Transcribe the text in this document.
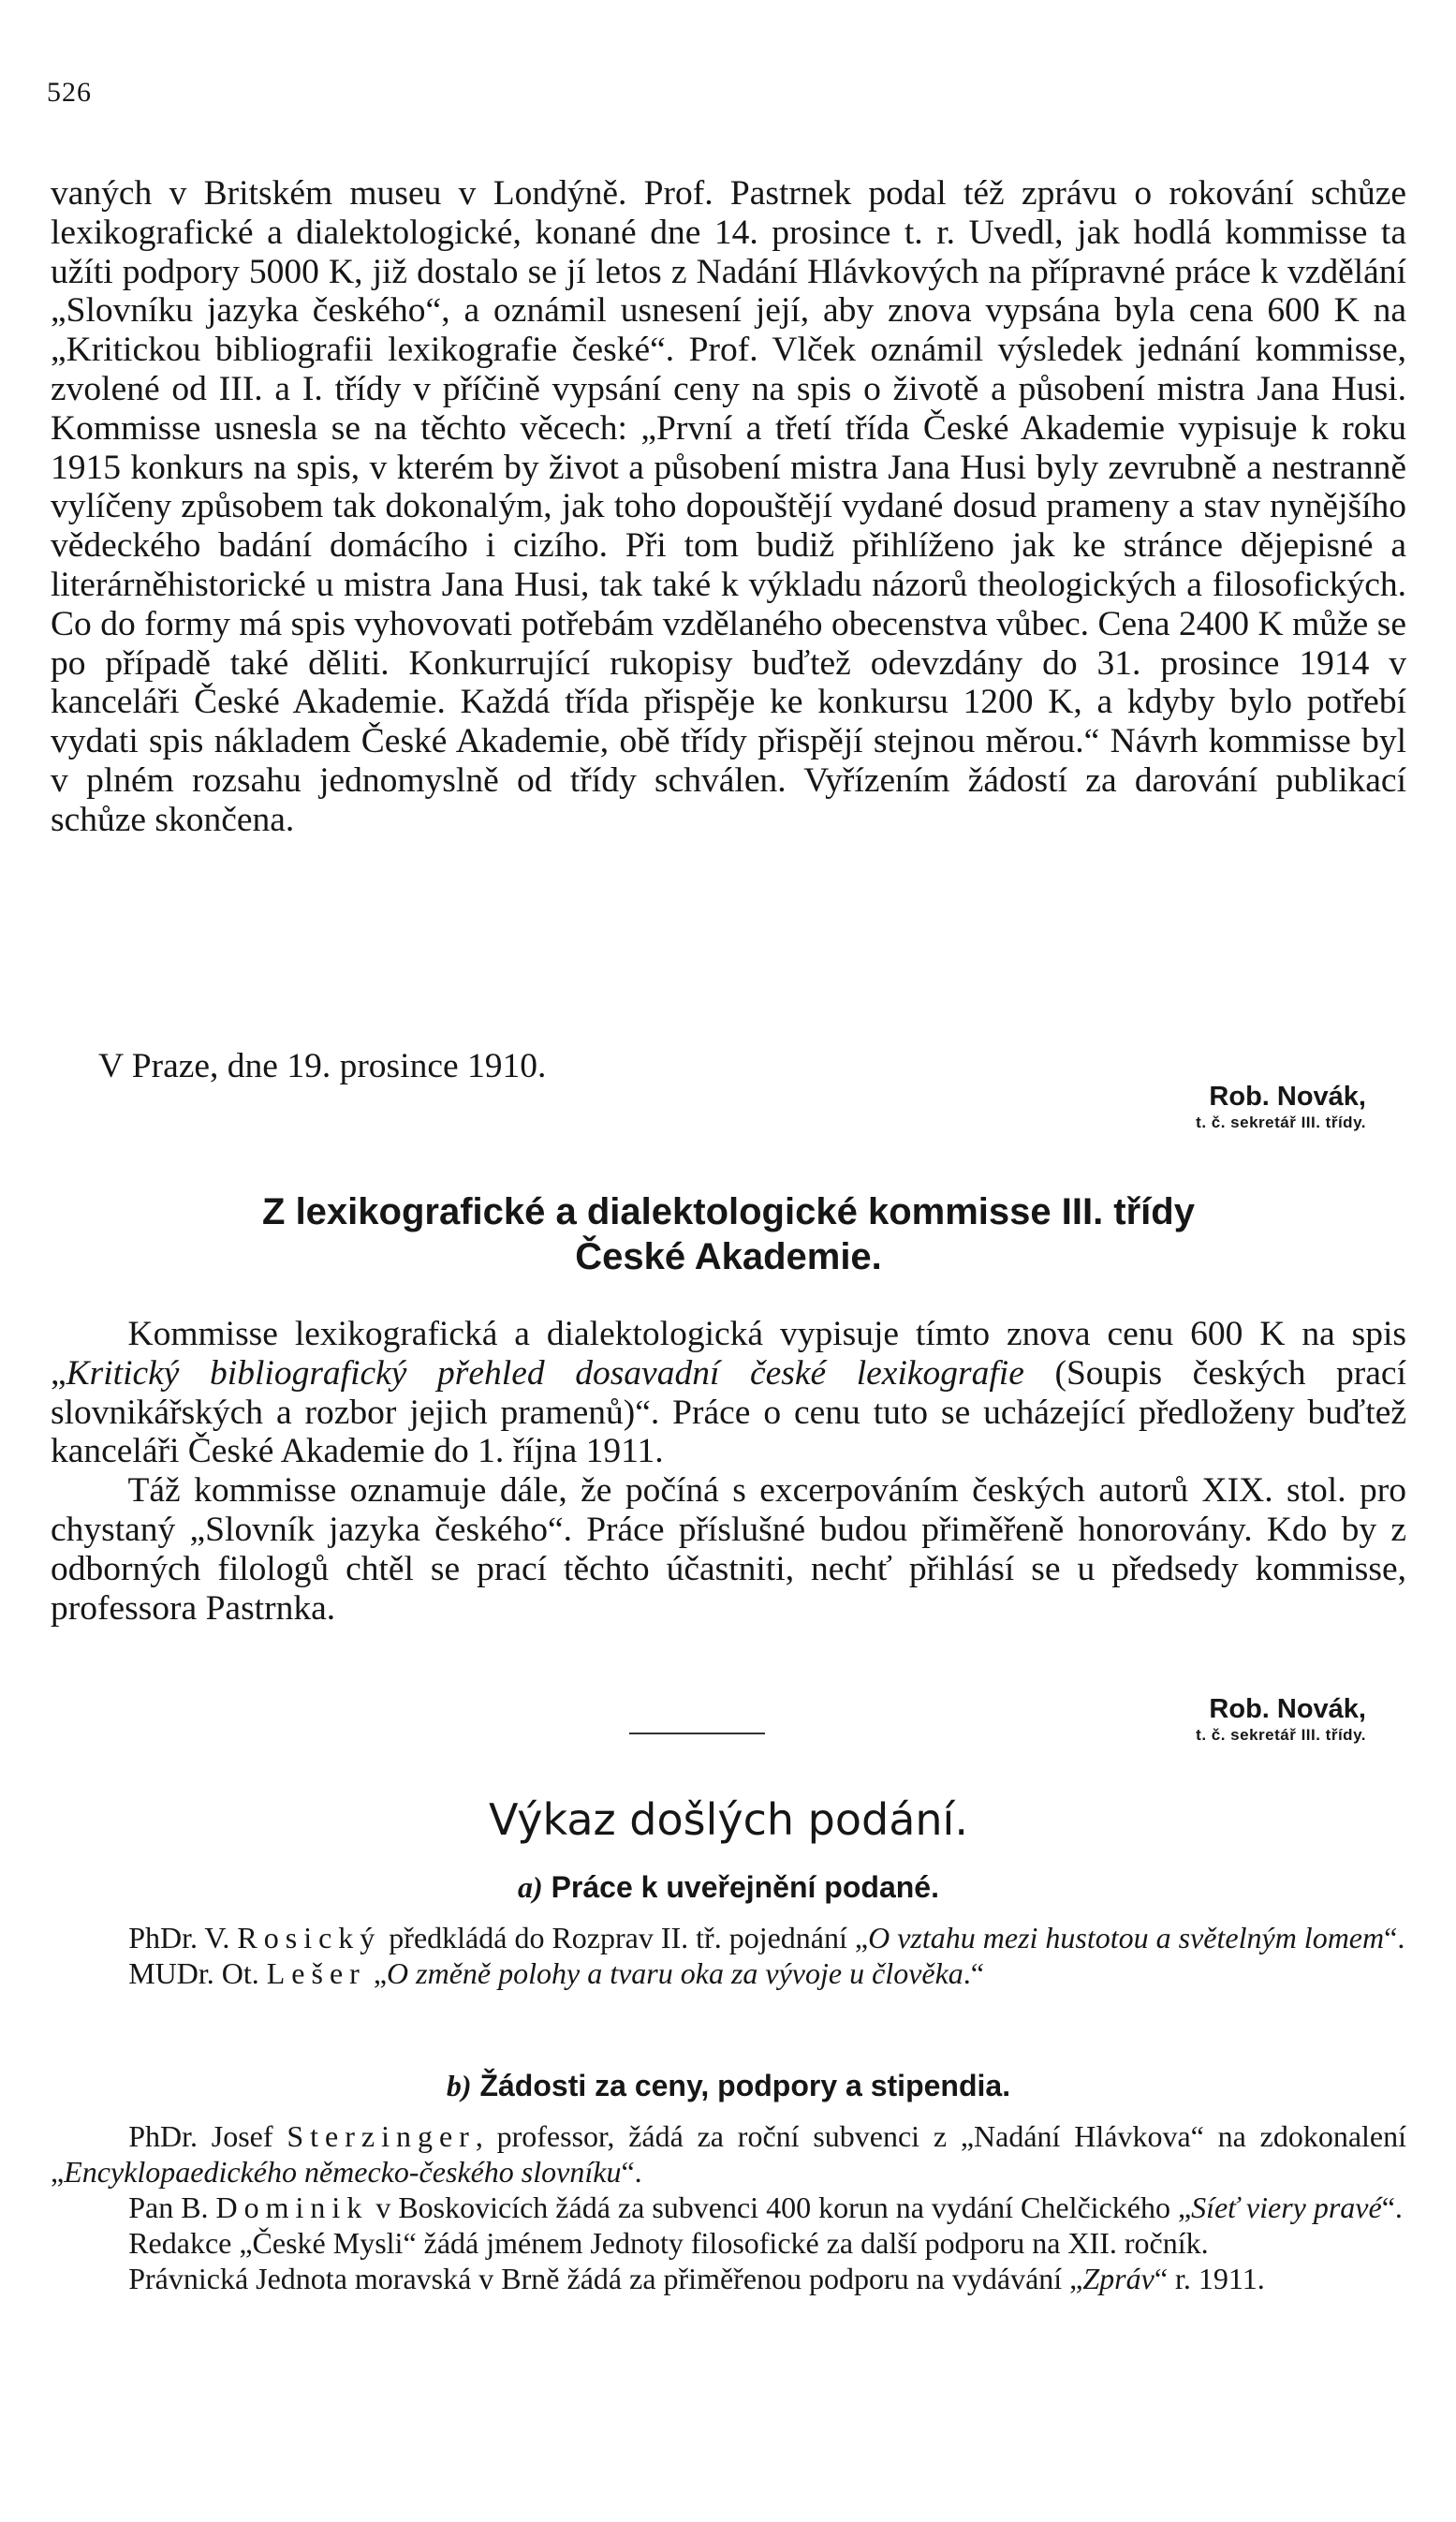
526

vaných v Britském museu v Londýně. Prof. Pastrnek podal též zprávu o rokování schůze lexikografické a dialektologické, konané dne 14. prosince t. r. Uvedl, jak hodlá kommisse ta užíti podpory 5000 K, již dostalo se jí letos z Nadání Hlávkových na přípravné práce k vzdělání „Slovníku jazyka českého“, a oznámil usnesení její, aby znova vypsána byla cena 600 K na „Kritickou bibliografii lexikografie české“. Prof. Vlček oznámil výsledek jednání kommisse, zvolené od III. a I. třídy v příčině vypsání ceny na spis o životě a působení mistra Jana Husi. Kommisse usnesla se na těchto věcech: „První a třetí třída České Akademie vypisuje k roku 1915 konkurs na spis, v kterém by život a působení mistra Jana Husi byly zevrubně a nestranně vylíčeny způsobem tak dokonalým, jak toho dopouštějí vydané dosud prameny a stav nynějšího vědeckého badání domácího i cizího. Při tom budiž přihlíženo jak ke stránce dějepisné a literárněhistorické u mistra Jana Husi, tak také k výkladu názorů theologických a filosofických. Co do formy má spis vyhovovati potřebám vzdělaného obecenstva vůbec. Cena 2400 K může se po případě také děliti. Konkurrující rukopisy buďtež odevzdány do 31. prosince 1914 v kanceláři České Akademie. Každá třída přispěje ke konkursu 1200 K, a kdyby bylo potřebí vydati spis nákladem České Akademie, obě třídy přispějí stejnou měrou.“ Návrh kommisse byl v plném rozsahu jednomyslně od třídy schválen. Vyřízením žádostí za darování publikací schůze skončena.

V Praze, dne 19. prosince 1910.

Rob. Novák,
t. č. sekretář III. třídy.
Z lexikografické a dialektologické kommisse III. třídy
České Akademie.

Kommisse lexikografická a dialektologická vypisuje tímto znova cenu 600 K na spis „Kritický bibliografický přehled dosavadní české lexikografie (Soupis českých prací slovnikářských a rozbor jejich pramenů)“. Práce o cenu tuto se ucházející předloženy buďtež kanceláři České Akademie do 1. října 1911.

Táž kommisse oznamuje dále, že počíná s excerpováním českých autorů XIX. stol. pro chystaný „Slovník jazyka českého“. Práce příslušné budou přiměřeně honorovány. Kdo by z odborných filologů chtěl se prací těchto účastniti, nechť přihlásí se u předsedy kommisse, professora Pastrnka.

Rob. Novák,
t. č. sekretář III. třídy.
Výkaz došlých podání.
a) Práce k uveřejnění podané.

PhDr. V. Rosický předkládá do Rozprav II. tř. pojednání „O vztahu mezi hustotou a světelným lomem“.

MUDr. Ot. Lešer „O změně polohy a tvaru oka za vývoje u člověka.“

b) Žádosti za ceny, podpory a stipendia.

PhDr. Josef Sterzinger, professor, žádá za roční subvenci z „Nadání Hlávkova“ na zdokonalení „Encyklopaedického německo-českého slovníku“.

Pan B. Dominik v Boskovicích žádá za subvenci 400 korun na vydání Chelčického „Síeť viery pravé“.

Redakce „České Mysli“ žádá jménem Jednoty filosofické za další podporu na XII. ročník.

Právnická Jednota moravská v Brně žádá za přiměřenou podporu na vydávání „Zpráv“ r. 1911.
